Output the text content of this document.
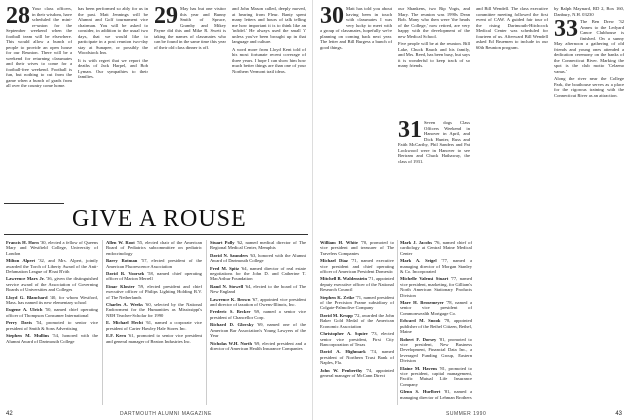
28 Your class officers, in their wisdom, have scheduled the mini-re-union for the September weekend when the football team will be elsewhere. This would allow a bunch of people to provide an open house for our Reunion. There will be a weekend for returning classmates and their wives to come for a football-free weekend. Football is fun, but nothing to cut from the game when a bunch of grads from all over the country come home.

has been performed so ably for us in the past. Matt Jennings will be Alumni and Golf tournament vice chairman. You will be asked to consider, in addition to the usual two days, that we would like to participate in a post reunion two-day stay at Sunapee, or possibly the Woodstock Inn.

It is with regret that we report the deaths of Jack Harpel, and Bob Lyman. Our sympathies to their families.

29 May has but one visitor this year and Bunny Smith of Spruce, Gramby and Mikey Payne did this and Mike R. Swett is taking the names of classmates who can be found in the same time this year of their old class dinner is off.

and John Mason called, deeply moved, at hearing from Fleur. Banty spent many letters and hours of talk telling me how important it is to think like an 'infidel.' He always used the small 'i' unless you've been brought up in that language and culture.

A word more from Lloyd Kent told of his most fortunate recent coverage of three years. I hope I can show him how much better things are than one of your Northern Vermont trail ideas.

GIVE A ROUSE

Francis H. Horn '30, elected a fellow of Queens Mary and Westfield College, University of London

Milton Alpert '32, and Mrs. Alpert, jointly awarded the Torch of Liberty Award of the Anti-Defamation League of B'nai B'rith

Lawrence Marx Jr. '36, given the distinguished service award of the Association of Governing Boards of Universities and Colleges

Lloyd G. Blanchard '40, for whom Westford, Mass. has named its new elementary school

Eugene A. Ulrich '50, named chief operating officer of Thompson Consumer International

Perry Davis '54, promoted to senior vice president of Smith & Sons Advertising

Stephen M. Mullins '54, honored with the Alumni Award of Dartmouth College

Allen W. Root '55, elected chair of the American Board of Pediatrics subcommittee on pediatric endocrinology

Barry Rotman '57, elected president of the American Fluorescence Association

David R. Voorsek '58, named chief operating officer of Marion Merrell

Einar Kloster '59, elected president and chief executive officer of Philips Lighting Holding B.V. of The Netherlands

Charles A. Weeks '60, selected by the National Endowment for the Humanities as Mississippi's NEH Teacher-Scholar for 1990

E. Michael Hecht '61, named a corporate vice president of Carter Hawley Hale Stores Inc.

E.F. Kern '61, promoted to senior vice president and general manager of Beaton Industries Inc.

Stuart Polly '62, named medical director of The Regional Medical Center, Memphis

David N. Saunders '63, honored with the Alumni Award of Dartmouth College

Fred M. Spitz '64, named director of real estate negotiations for the John D. and Catherine T. MacArthur Foundation

Rand N. Stowell '64, elected to the board of The New England

Lawrence K. Brown '67, appointed vice president and director of taxation of Owens-Illinois, Inc.

Frederic S. Becker '69, named a senior vice president of Chancellor Corp.

Richard D. Glovsky '69, named one of the American Bar Association's Young Lawyers of the Year

Nicholas W.H. North '69, elected president and a director of American Health Insurance Companies

42	DARTMOUTH ALUMNI MAGAZINE
30 Matt has told you about having been in touch with classmates I was very lucky to meet with a group of classmates, hopefully we're planning on coming back next year. The letter and Bill Burgess a bunch of good things.

our Shankens, two Rip Vogts, and Mary. The reunion was 1990s Dean Bob. Many who then were 'the heads of the College,' now retired, are very happy with the development of the new Medical School.

Five people will be at the reunion. Bill Lake, Chuck Rauch and his family, and Mrs. Reed, has been busy, but says it is wonderful to keep track of so many friends.

31 Seven dogs Class Officers Weekend in Hanover in April, and Dick Hunter, Russ and Faith McCarthy, Phil Sanders and Pat Lockwood were in Hanover to see Bertram and Chuck Hathaway, the class of 1931.

and Bill Wendell. The class executive committee meeting followed the first event of CAW. A guided fair tour of the rising Dartmouth-Hitchcock Medical Center was scheduled for fourteen of us. Afterward Bill Wendell asked Ed Bruemen to include in our 60th Reunion program.

William H. White '70, promoted to vice president and treasurer of The Travelers Companies

Michael Diaz '71, named executive vice president and chief operating officer of American President Domestic

Mitchell B. Waldenstein '71, appointed deputy executive officer of the National Research Council

Stephen K. Zrike '71, named president of the Precision Frame subsidiary of Colgate-Palmolive Company

David M. Krupp '72, awarded the John Baker Gold Medal of the American Economic Association

Christopher A. Squire '73, elected senior vice president, First City Bancorporation of Texas

David A. Highmark '74, named president of Northern Trust Bank of Naples, Fla.

John W. Penberthy '74, appointed general manager of McCann Direct

Mark J. Jacobs '76, named chief of cardiology at Central Maine Medical Center

Mark A. Seigel '77, named a managing director of Morgan Stanley & Co. Incorporated

Michelle Valensi Stuart '77, named vice president, marketing, for Gilliam's North American Stationary Products Division

Mare H. Brosemeyer '78, named a senior vice president of Commonwealth Mortgage Co.

Edward M. Snook '78, appointed publisher of the Bethel Citizen, Bethel, Maine

Robert F. Dorsey '81, promoted to vice president, New Business Development, Financial Data Inc., a leveraged Funding Group, Eastern Division

Elaine M. Havens '81, promoted to vice president, capital management, Pacific Mutual Life Insurance Company

Glenn S. Hurlbert '81, named a managing director of Lehman Brothers

by Ralph Maynard, RD 2, Box 160, Danbury, N.H. 03230

33 The Ben Drew '32 Annex to the Ledyard Canoe Clubhouse is finished. On a sunny May afternoon a gathering of old friends and young ones attended a dedication ceremony on the banks of the Connecticut River. Marking the spot is the club motto 'Celaeno vanus.'

Along the river near the College Park, the boathouse serves as a place for the rigorous training with the Connecticut River as an attraction.

SUMMER 1990	43
